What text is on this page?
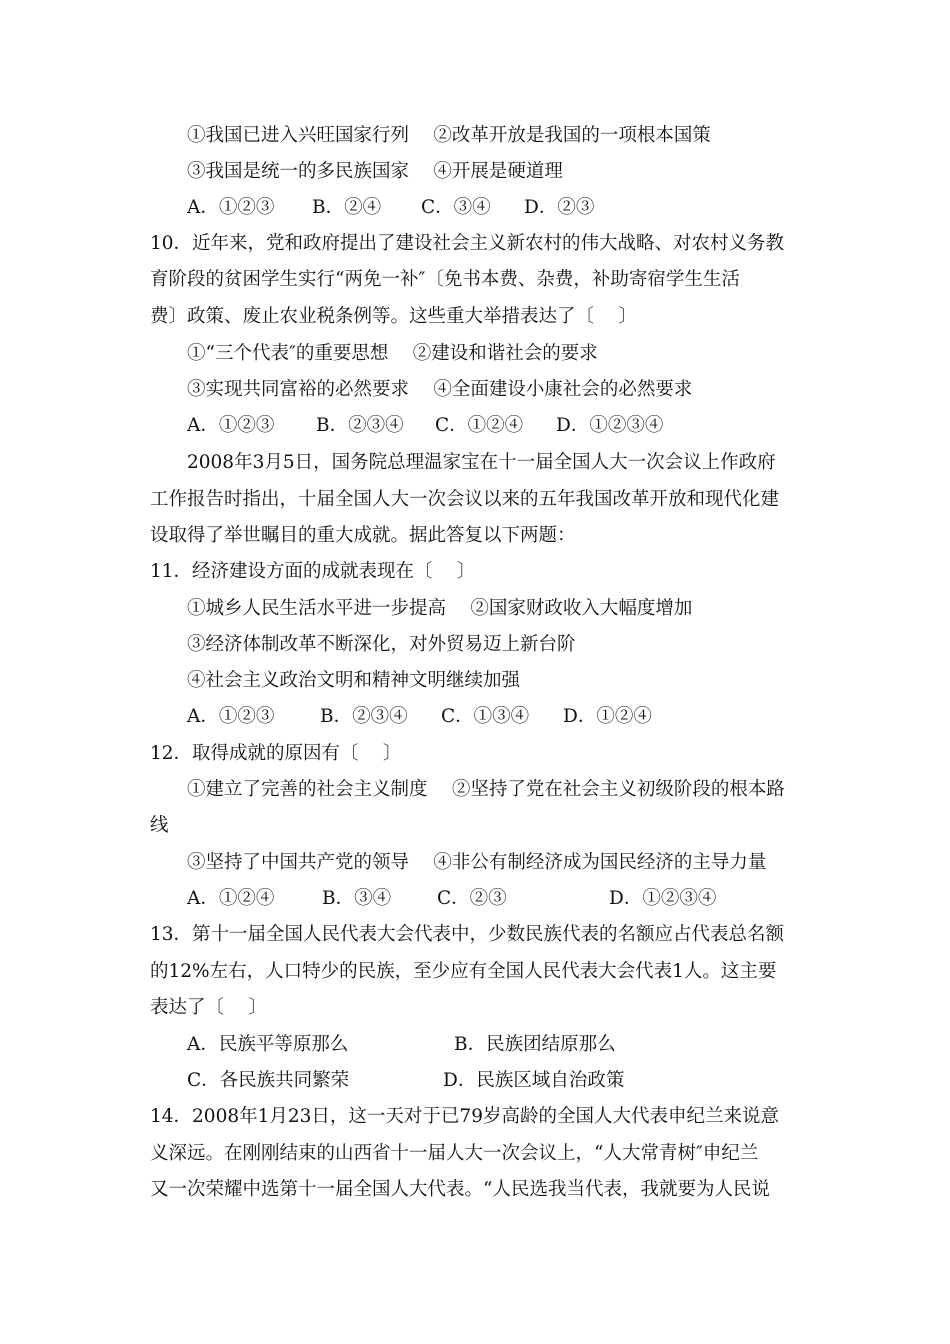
①我国已进入兴旺国家行列　 ②改革开放是我国的一项根本国策
③我国是统一的多民族国家　 ④开展是硬道理
A．①②③ B．②④ C．③④ D．②③
10．近年来，党和政府提出了建设社会主义新农村的伟大战略、对农村义务教
育阶段的贫困学生实行“两免一补″〔免书本费、杂费，补助寄宿学生生活
费〕政策、废止农业税条例等。这些重大举措表达了〔　 〕
①“三个代表″的重要思想　 ②建设和谐社会的要求
③实现共同富裕的必然要求　 ④全面建设小康社会的必然要求
A．①②③ B．②③④ C．①②④ D．①②③④
2008年3月5日，国务院总理温家宝在十一届全国人大一次会议上作政府
工作报告时指出，十届全国人大一次会议以来的五年我国改革开放和现代化建
设取得了举世瞩目的重大成就。据此答复以下两题：
11．经济建设方面的成就表现在〔　 〕
①城乡人民生活水平进一步提高　 ②国家财政收入大幅度增加
③经济体制改革不断深化，对外贸易迈上新台阶
④社会主义政治文明和精神文明继续加强
A．①②③ B．②③④ C．①③④ D．①②④
12．取得成就的原因有〔　 〕
①建立了完善的社会主义制度　 ②坚持了党在社会主义初级阶段的根本路
线
③坚持了中国共产党的领导　 ④非公有制经济成为国民经济的主导力量
A．①②④	B．③④ C．②③	D．①②③④
13．第十一届全国人民代表大会代表中，少数民族代表的名额应占代表总名额
的12%左右，人口特少的民族，至少应有全国人民代表大会代表1人。这主要
表达了〔　 〕
A．民族平等原那么	B．民族团结原那么
C．各民族共同繁荣	D．民族区域自治政策
14．2008年1月23日，这一天对于已79岁高龄的全国人大代表申纪兰来说意
义深远。在刚刚结束的山西省十一届人大一次会议上，“人大常青树″申纪兰
又一次荣耀中选第十一届全国人大代表。“人民选我当代表，我就要为人民说
